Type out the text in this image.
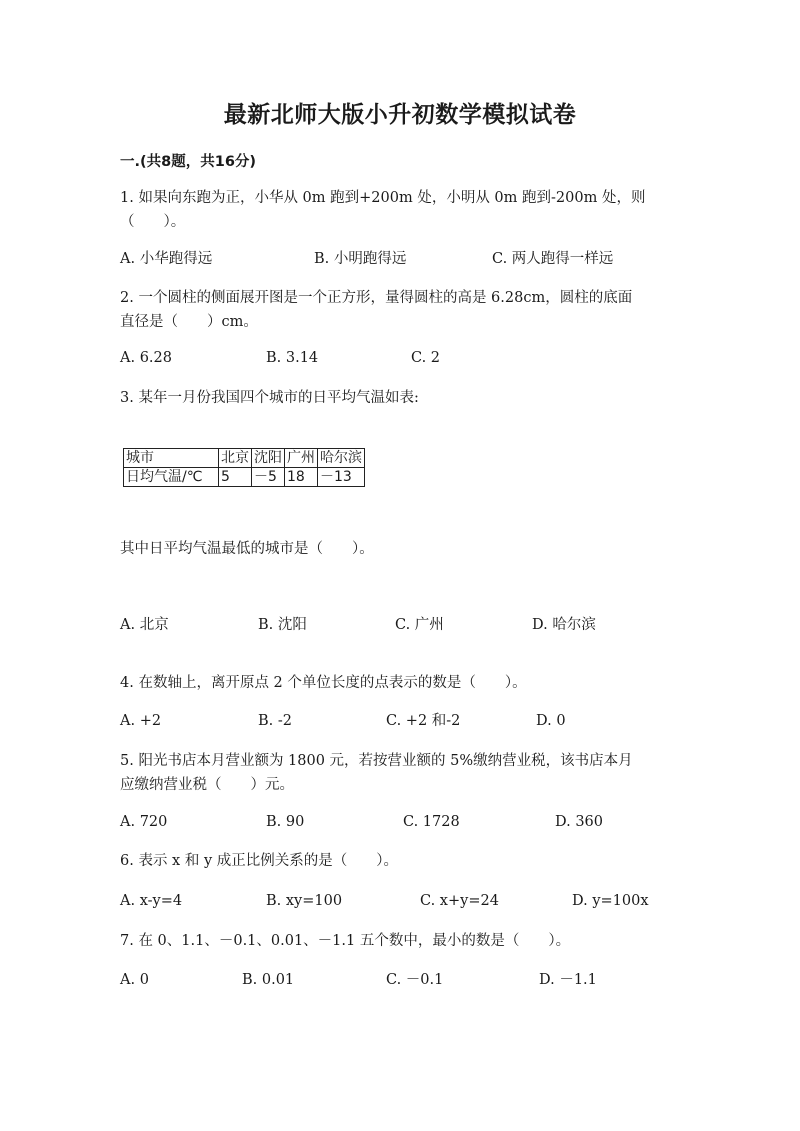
最新北师大版小升初数学模拟试卷
一.(共8题，共16分)
1. 如果向东跑为正，小华从 0m 跑到+200m 处，小明从 0m 跑到-200m 处，则
（　　）。
A. 小华跑得远	B. 小明跑得远	C. 两人跑得一样远
2. 一个圆柱的侧面展开图是一个正方形，量得圆柱的高是 6.28cm，圆柱的底面
直径是（　　）cm。
A. 6.28	B. 3.14	C. 2
3. 某年一月份我国四个城市的日平均气温如表:
城市	北京	沈阳	广州	哈尔滨
日均气温/℃	5	－5	18	－13
其中日平均气温最低的城市是（　　）。
A. 北京	B. 沈阳	C. 广州	D. 哈尔滨
4. 在数轴上，离开原点 2 个单位长度的点表示的数是（　　）。
A. +2	B. -2	C. +2 和-2	D. 0
5. 阳光书店本月营业额为 1800 元，若按营业额的 5%缴纳营业税，该书店本月
应缴纳营业税（　　）元。
A. 720	B. 90	C. 1728	D. 360
6. 表示 x 和 y 成正比例关系的是（　　）。
A. x-y=4	B. xy=100	C. x+y=24	D. y=100x
7. 在 0、1.1、－0.1、0.01、－1.1 五个数中，最小的数是（　　）。
A. 0	B. 0.01	C. －0.1	D. －1.1
